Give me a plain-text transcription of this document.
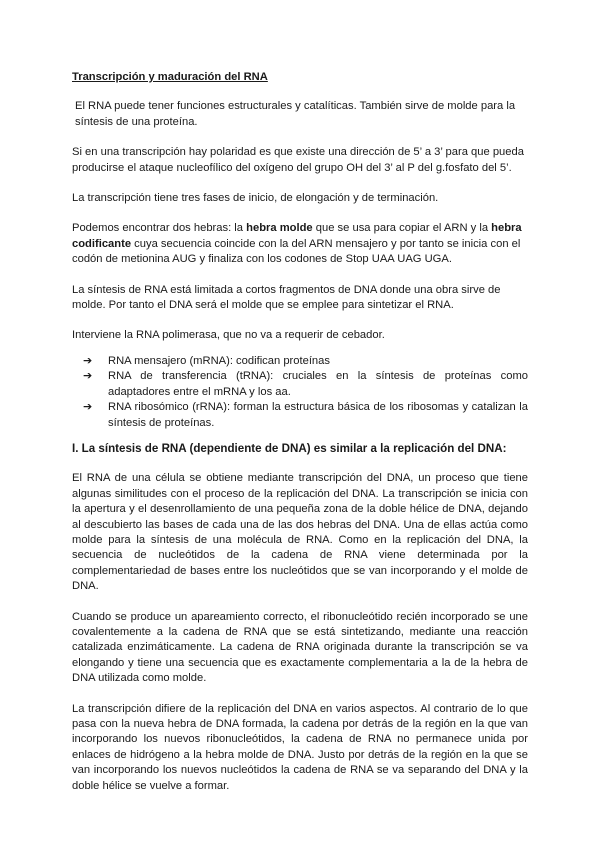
Transcripción y maduración del RNA

El RNA puede tener funciones estructurales y catalíticas. También sirve de molde para la síntesis de una proteína.

Si en una transcripción hay polaridad es que existe una dirección de 5’ a 3’ para que pueda producirse el ataque nucleofílico del oxígeno del grupo OH del 3’ al P del g.fosfato del 5’.

La transcripción tiene tres fases de inicio, de elongación y de terminación.

Podemos encontrar dos hebras: la hebra molde que se usa para copiar el ARN y la hebra codificante cuya secuencia coincide con la del ARN mensajero y por tanto se inicia con el codón de metionina AUG y finaliza con los codones de Stop UAA UAG UGA.

La síntesis de RNA está limitada a cortos fragmentos de DNA donde una obra sirve de molde. Por tanto el DNA será el molde que se emplee para sintetizar el RNA.

Interviene la RNA polimerasa, que no va a requerir de cebador.

➔ RNA mensajero (mRNA): codifican proteínas
➔ RNA de transferencia (tRNA): cruciales en la síntesis de proteínas como adaptadores entre el mRNA y los aa.
➔ RNA ribosómico (rRNA): forman la estructura básica de los ribosomas y catalizan la síntesis de proteínas.
I. La síntesis de RNA (dependiente de DNA) es similar a la replicación del DNA:

El RNA de una célula se obtiene mediante transcripción del DNA, un proceso que tiene algunas similitudes con el proceso de la replicación del DNA. La transcripción se inicia con la apertura y el desenrollamiento de una pequeña zona de la doble hélice de DNA, dejando al descubierto las bases de cada una de las dos hebras del DNA. Una de ellas actúa como molde para la síntesis de una molécula de RNA. Como en la replicación del DNA, la secuencia de nucleótidos de la cadena de RNA viene determinada por la complementariedad de bases entre los nucleótidos que se van incorporando y el molde de DNA.

Cuando se produce un apareamiento correcto, el ribonucleótido recién incorporado se une covalentemente a la cadena de RNA que se está sintetizando, mediante una reacción catalizada enzimáticamente. La cadena de RNA originada durante la transcripción se va elongando y tiene una secuencia que es exactamente complementaria a la de la hebra de DNA utilizada como molde.

La transcripción difiere de la replicación del DNA en varios aspectos. Al contrario de lo que pasa con la nueva hebra de DNA formada, la cadena por detrás de la región en la que van incorporando los nuevos ribonucleótidos, la cadena de RNA no permanece unida por enlaces de hidrógeno a la hebra molde de DNA. Justo por detrás de la región en la que se van incorporando los nuevos nucleótidos la cadena de RNA se va separando del DNA y la doble hélice se vuelve a formar.
